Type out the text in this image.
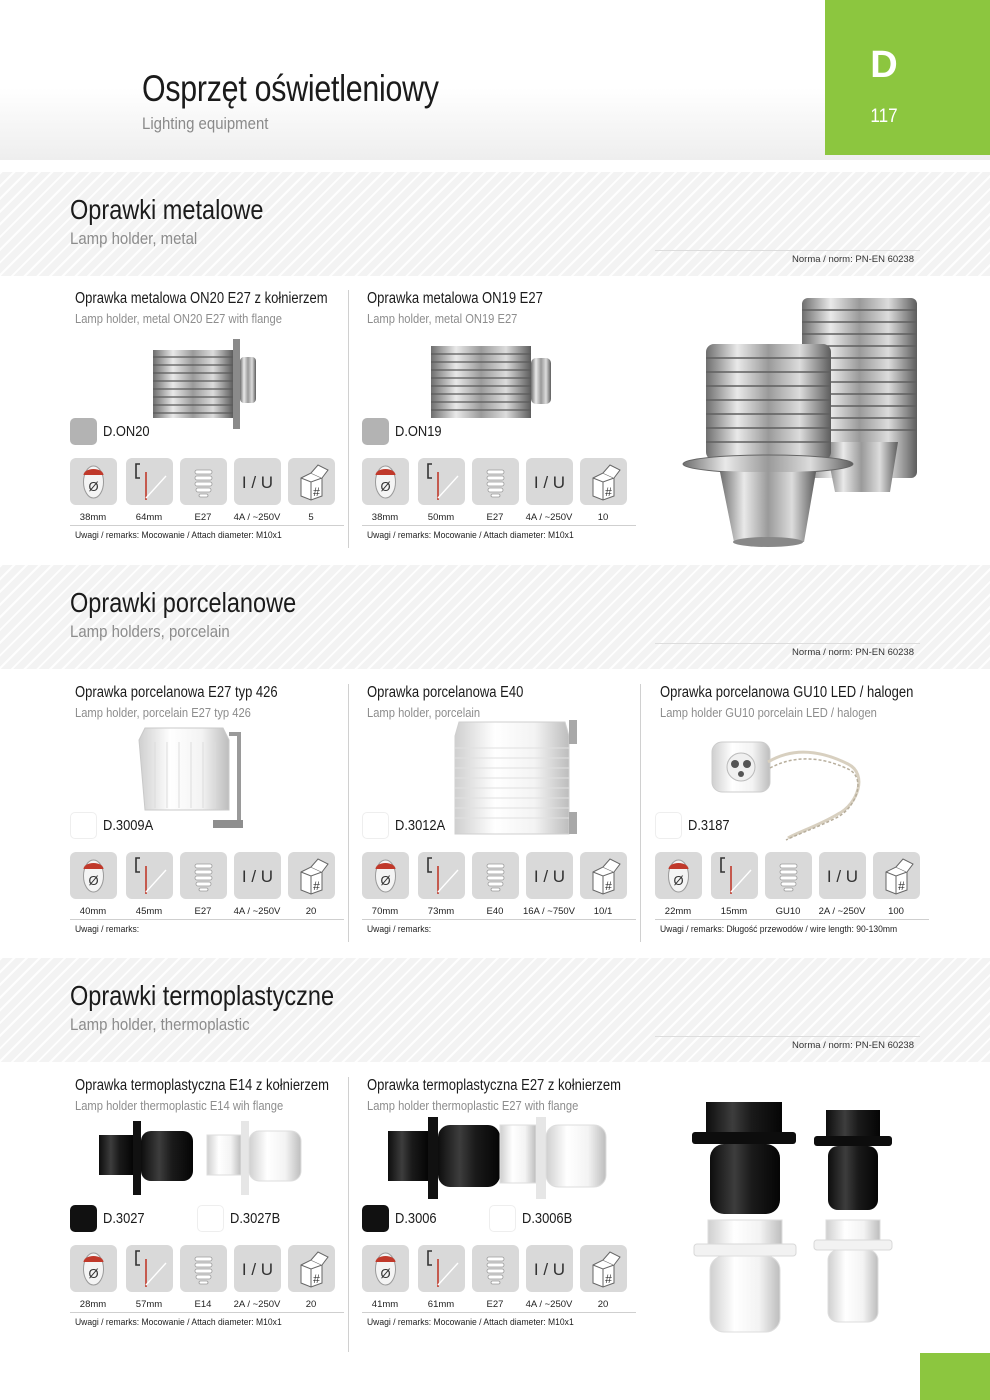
Osprzęt oświetleniowy
Lighting equipment
D
117
Oprawki metalowe
Lamp holder, metal
Norma / norm: PN-EN 60238
Oprawki porcelanowe
Lamp holders, porcelain
Norma / norm: PN-EN 60238
Oprawki termoplastyczne
Lamp holder, thermoplastic
Norma / norm: PN-EN 60238
Oprawka metalowa ON20 E27 z kołnierzem
Lamp holder, metal ON20 E27 with flange
D.ON20
Ø	I / U	#
38mm	64mm	E27	4A / ~250V	5
Uwagi / remarks: Mocowanie / Attach diameter: M10x1
Oprawka metalowa ON19 E27
Lamp holder, metal ON19 E27
D.ON19
Ø	I / U	#
38mm	50mm	E27	4A / ~250V	10
Uwagi / remarks: Mocowanie / Attach diameter: M10x1
Oprawka porcelanowa E27 typ 426
Lamp holder, porcelain E27 typ 426
D.3009A
Ø	I / U	#
40mm	45mm	E27	4A / ~250V	20
Uwagi / remarks:
Oprawka porcelanowa E40
Lamp holder, porcelain
D.3012A
Ø	I / U	#
70mm	73mm	E40	16A / ~750V	10/1
Uwagi / remarks:
Oprawka porcelanowa GU10 LED / halogen
Lamp holder GU10 porcelain LED / halogen
D.3187
Ø	I / U	#
22mm	15mm	GU10	2A / ~250V	100
Uwagi / remarks: Długość przewodów / wire length: 90-130mm
Oprawka termoplastyczna E14 z kołnierzem
Lamp holder thermoplastic E14 wih flange
D.3027	D.3027B
Ø	I / U	#
28mm	57mm	E14	2A / ~250V	20
Uwagi / remarks: Mocowanie / Attach diameter: M10x1
Oprawka termoplastyczna E27 z kołnierzem
Lamp holder thermoplastic E27 with flange
D.3006	D.3006B
Ø	I / U	#
41mm	61mm	E27	4A / ~250V	20
Uwagi / remarks: Mocowanie / Attach diameter: M10x1
